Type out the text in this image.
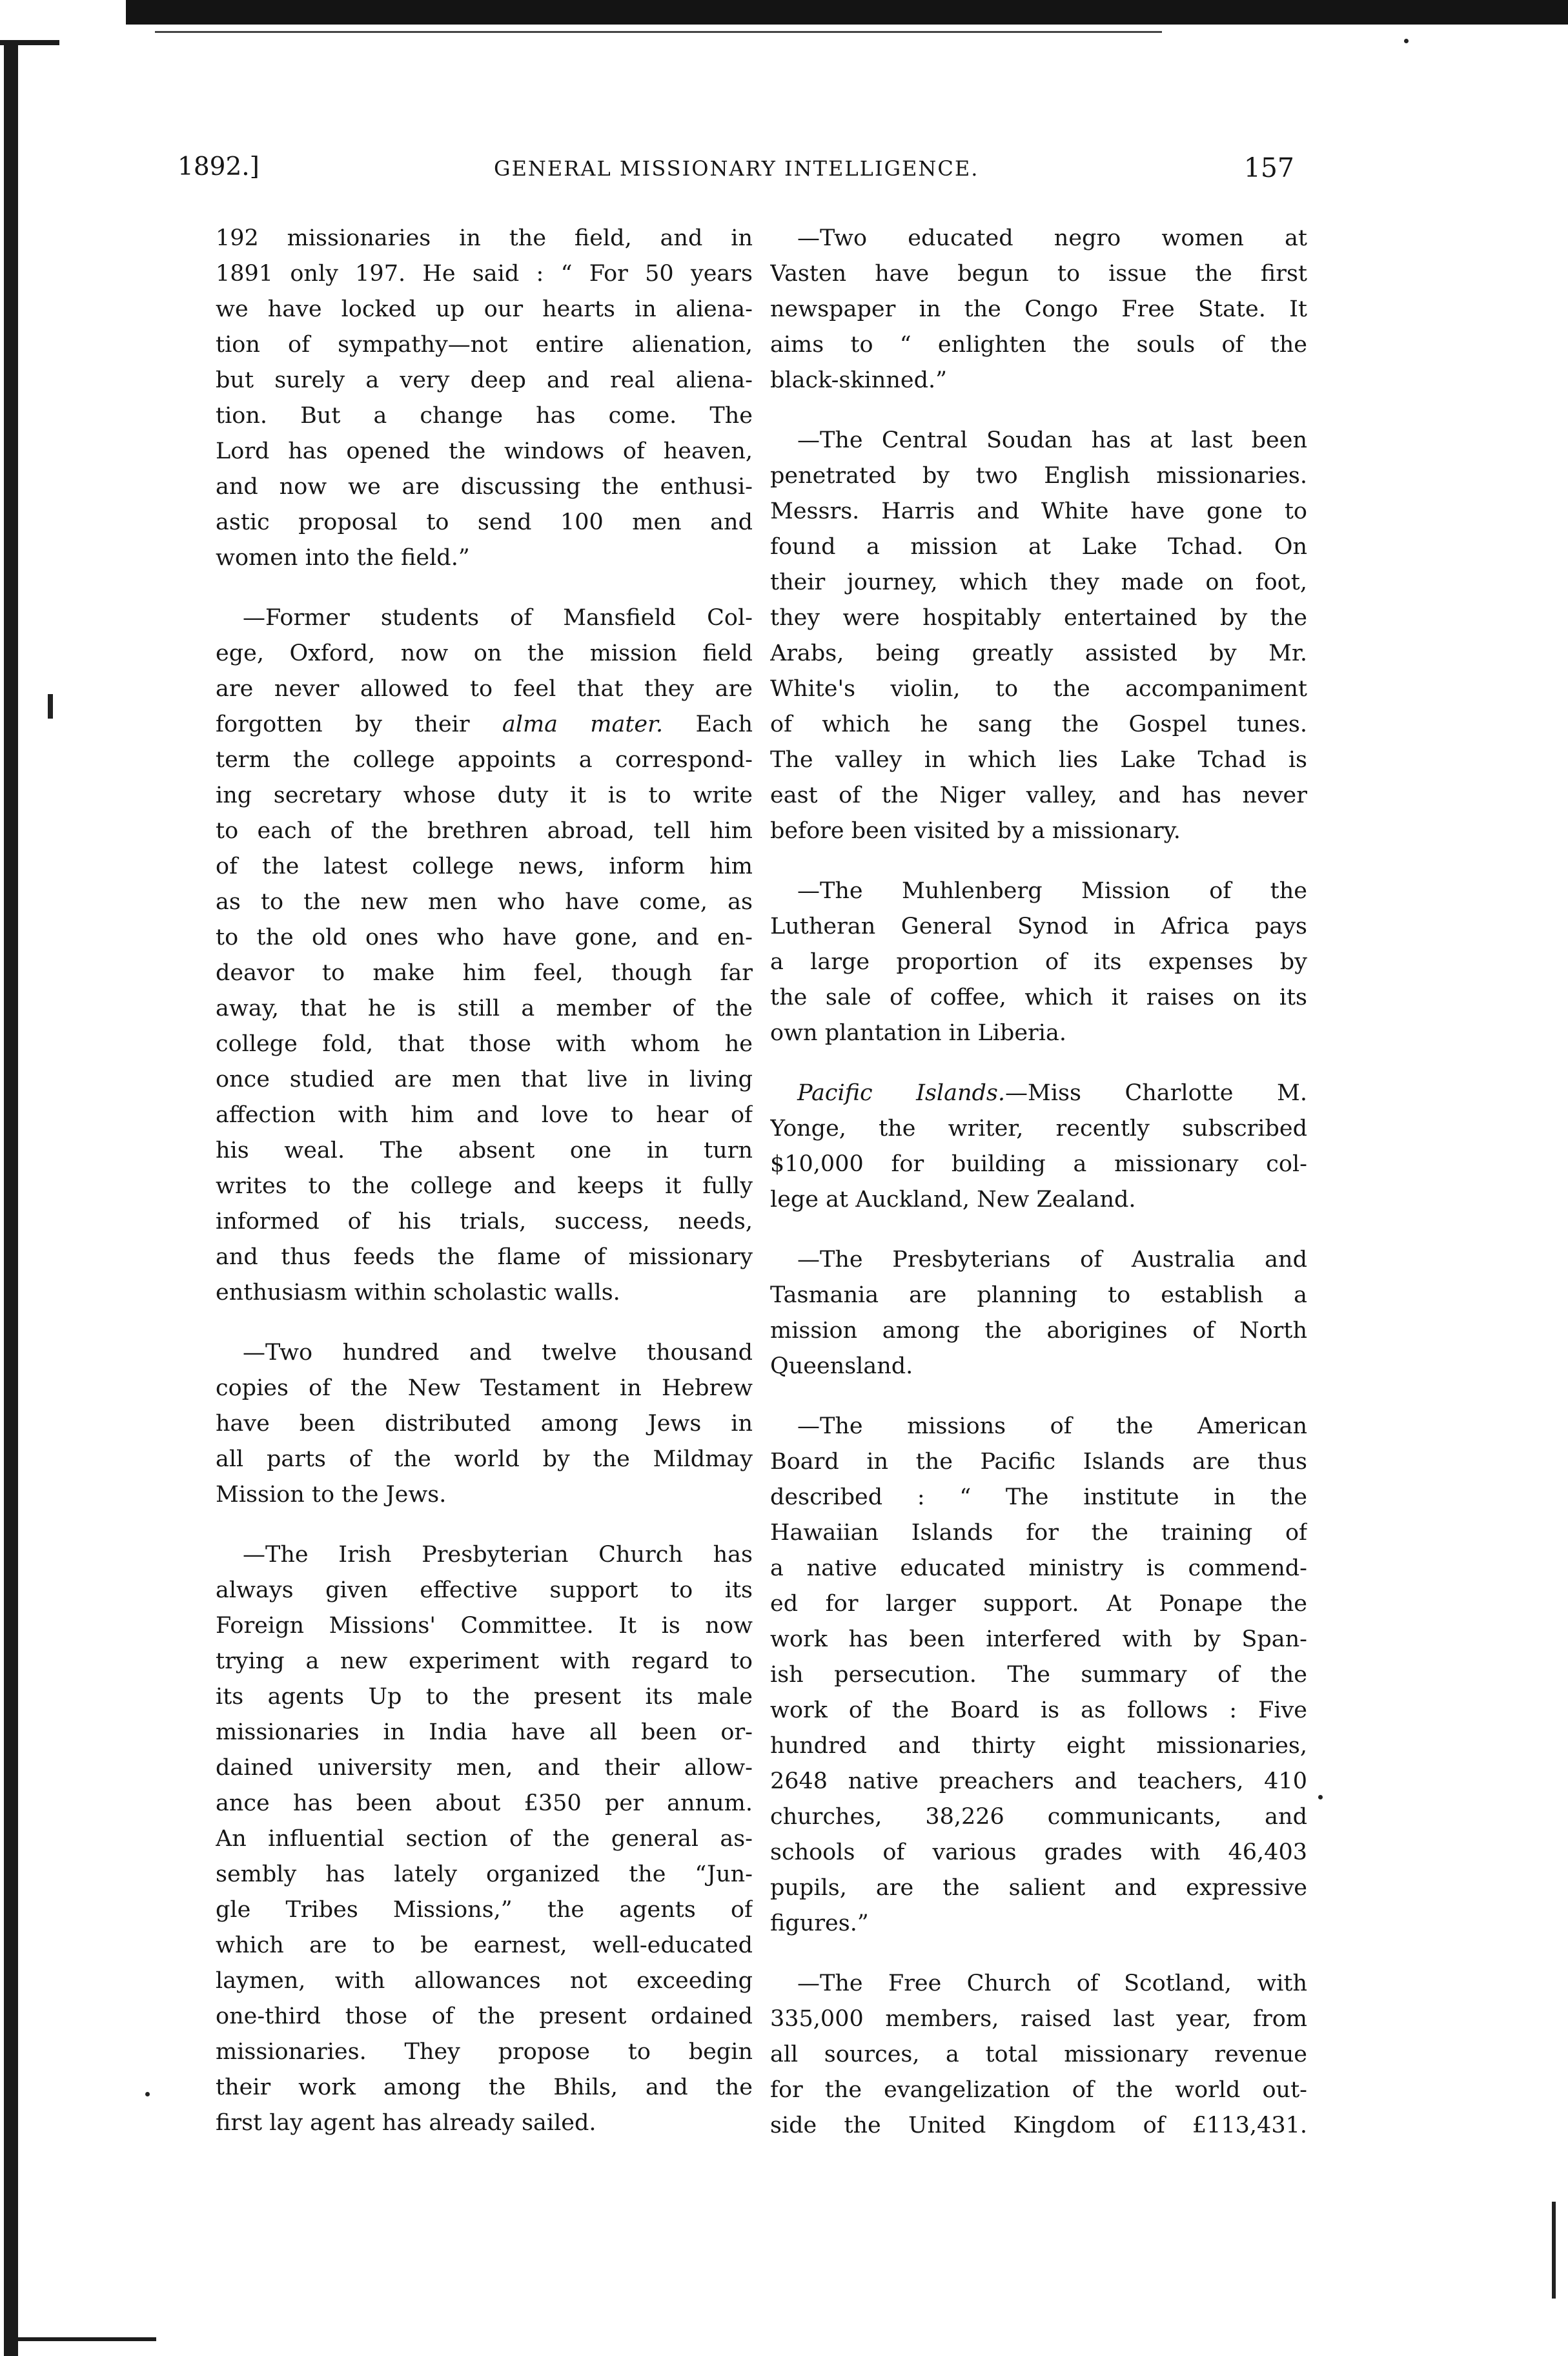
1892.]	GENERAL MISSIONARY INTELLIGENCE.	157
192 missionaries in the field, and in
1891 only 197. He said : “ For 50 years
we have locked up our hearts in aliena-
tion of sympathy—not entire alienation,
but surely a very deep and real aliena-
tion. But a change has come. The
Lord has opened the windows of heaven,
and now we are discussing the enthusi-
astic proposal to send 100 men and
women into the field.”
—Former students of Mansfield Col-
ege, Oxford, now on the mission field
are never allowed to feel that they are
forgotten by their alma mater. Each
term the college appoints a correspond-
ing secretary whose duty it is to write
to each of the brethren abroad, tell him
of the latest college news, inform him
as to the new men who have come, as
to the old ones who have gone, and en-
deavor to make him feel, though far
away, that he is still a member of the
college fold, that those with whom he
once studied are men that live in living
affection with him and love to hear of
his weal. The absent one in turn
writes to the college and keeps it fully
informed of his trials, success, needs,
and thus feeds the flame of missionary
enthusiasm within scholastic walls.
—Two hundred and twelve thousand
copies of the New Testament in Hebrew
have been distributed among Jews in
all parts of the world by the Mildmay
Mission to the Jews.
—The Irish Presbyterian Church has
always given effective support to its
Foreign Missions' Committee. It is now
trying a new experiment with regard to
its agents Up to the present its male
missionaries in India have all been or-
dained university men, and their allow-
ance has been about £350 per annum.
An influential section of the general as-
sembly has lately organized the “Jun-
gle Tribes Missions,” the agents of
which are to be earnest, well-educated
laymen, with allowances not exceeding
one-third those of the present ordained
missionaries. They propose to begin
their work among the Bhils, and the
first lay agent has already sailed.
—Two educated negro women at
Vasten have begun to issue the first
newspaper in the Congo Free State. It
aims to “ enlighten the souls of the
black-skinned.”
—The Central Soudan has at last been
penetrated by two English missionaries.
Messrs. Harris and White have gone to
found a mission at Lake Tchad. On
their journey, which they made on foot,
they were hospitably entertained by the
Arabs, being greatly assisted by Mr.
White's violin, to the accompaniment
of which he sang the Gospel tunes.
The valley in which lies Lake Tchad is
east of the Niger valley, and has never
before been visited by a missionary.
—The Muhlenberg Mission of the
Lutheran General Synod in Africa pays
a large proportion of its expenses by
the sale of coffee, which it raises on its
own plantation in Liberia.
Pacific Islands.—Miss Charlotte M.
Yonge, the writer, recently subscribed
$10,000 for building a missionary col-
lege at Auckland, New Zealand.
—The Presbyterians of Australia and
Tasmania are planning to establish a
mission among the aborigines of North
Queensland.
—The missions of the American
Board in the Pacific Islands are thus
described : “ The institute in the
Hawaiian Islands for the training of
a native educated ministry is commend-
ed for larger support. At Ponape the
work has been interfered with by Span-
ish persecution. The summary of the
work of the Board is as follows : Five
hundred and thirty eight missionaries,
2648 native preachers and teachers, 410
churches, 38,226 communicants, and
schools of various grades with 46,403
pupils, are the salient and expressive
figures.”
—The Free Church of Scotland, with
335,000 members, raised last year, from
all sources, a total missionary revenue
for the evangelization of the world out-
side the United Kingdom of £113,431.
